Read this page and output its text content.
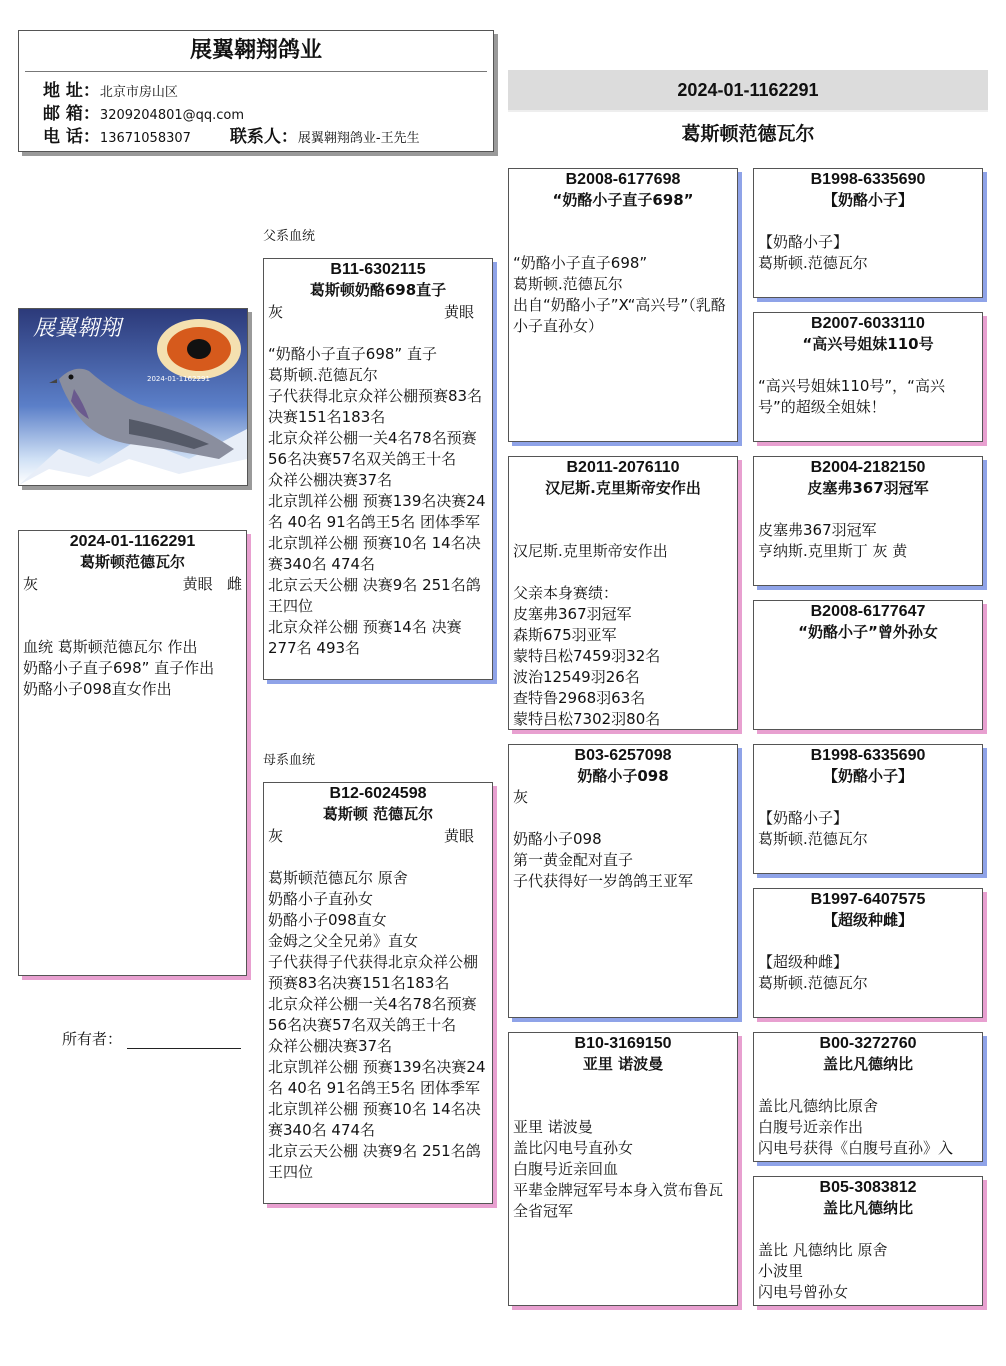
展翼翱翔鸽业
地 址：北京市房山区
邮 箱：3209204801@qq.com
电 话：13671058307 联系人：展翼翱翔鸽业-王先生
2024-01-1162291
葛斯顿范德瓦尔
展翼翱翔
2024-01-1162291
2024-01-1162291
葛斯顿范德瓦尔
灰	黄眼 雌
血统 葛斯顿范德瓦尔 作出
奶酪小子直子698” 直子作出
奶酪小子098直女作出
所有者：
父系血统
母系血统
B11-6302115
葛斯顿奶酪698直子
灰	黄眼
“奶酪小子直子698” 直子
葛斯顿.范德瓦尔
子代获得北京众祥公棚预赛83名决赛151名183名
北京众祥公棚一关4名78名预赛56名决赛57名双关鸽王十名
众祥公棚决赛37名
北京凯祥公棚 预赛139名决赛24名 40名 91名鸽王5名 团体季军
北京凯祥公棚 预赛10名 14名决赛340名 474名
北京云天公棚 决赛9名 251名鸽王四位
北京众祥公棚 预赛14名 决赛277名 493名
B12-6024598
葛斯顿 范德瓦尔
灰	黄眼
葛斯顿范德瓦尔 原舍
奶酪小子直孙女
奶酪小子098直女
金姆之父全兄弟》直女
子代获得子代获得北京众祥公棚预赛83名决赛151名183名
北京众祥公棚一关4名78名预赛56名决赛57名双关鸽王十名
众祥公棚决赛37名
北京凯祥公棚 预赛139名决赛24名 40名 91名鸽王5名 团体季军
北京凯祥公棚 预赛10名 14名决赛340名 474名
北京云天公棚 决赛9名 251名鸽王四位
B2008-6177698
“奶酪小子直子698”
“奶酪小子直子698”
葛斯顿.范德瓦尔
出自“奶酪小子”X“高兴号”（乳酪小子直孙女）
B2011-2076110
汉尼斯.克里斯帝安作出
汉尼斯.克里斯帝安作出
父亲本身赛绩：
皮塞弗367羽冠军
森斯675羽亚军
蒙特吕松7459羽32名
波治12549羽26名
查特鲁2968羽63名
蒙特吕松7302羽80名
B03-6257098
奶酪小子098
灰
奶酪小子098
第一黄金配对直子
子代获得好一岁鸽鸽王亚军
B10-3169150
亚里 诺波曼
亚里 诺波曼
盖比闪电号直孙女
白腹号近亲回血
平辈金牌冠军号本身入赏布鲁瓦全省冠军
B1998-6335690
【奶酪小子】
【奶酪小子】
葛斯顿.范德瓦尔
B2007-6033110
“高兴号姐妹110号
“高兴号姐妹110号”，“高兴号”的超级全姐妹！
B2004-2182150
皮塞弗367羽冠军
皮塞弗367羽冠军
亨纳斯.克里斯丁 灰 黄
B2008-6177647
“奶酪小子”曾外孙女

B1998-6335690
【奶酪小子】
【奶酪小子】
葛斯顿.范德瓦尔
B1997-6407575
【超级种雌】
【超级种雌】
葛斯顿.范德瓦尔
B00-3272760
盖比凡德纳比
盖比凡德纳比原舍
白腹号近亲作出
闪电号获得《白腹号直孙》入
B05-3083812
盖比凡德纳比
盖比 凡德纳比 原舍
小波里
闪电号曾孙女
